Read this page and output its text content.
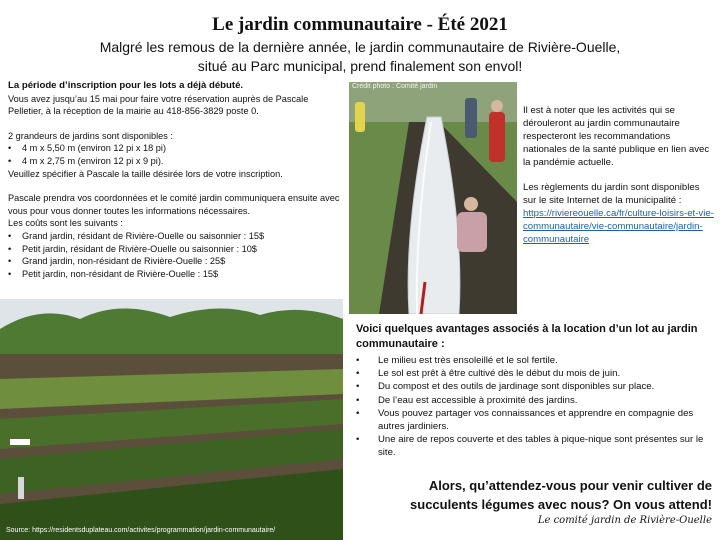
Le jardin communautaire - Été 2021
Malgré les remous de la dernière année, le jardin communautaire de Rivière-Ouelle,
situé au Parc municipal, prend finalement son envol!

La période d’inscription pour les lots a déjà débuté.

Vous avez jusqu’au 15 mai pour faire votre réservation auprès de Pascale Pelletier, à la réception de la mairie au 418-856-3829 poste 0.

2 grandeurs de jardins sont disponibles :

• 4 m x 5,50 m (environ 12 pi x 18 pi)
• 4 m x 2,75 m (environ 12 pi x 9 pi).

Veuillez spécifier à Pascale la taille désirée lors de votre inscription.

Pascale prendra vos coordonnées et le comité jardin communiquera ensuite avec vous pour vous donner toutes les informations nécessaires.

Les coûts sont les suivants :

• Grand jardin, résidant de Rivière-Ouelle ou saisonnier : 15$
• Petit jardin, résidant de Rivière-Ouelle ou saisonnier : 10$
• Grand jardin, non-résidant de Rivière-Ouelle : 25$
• Petit jardin, non-résidant de Rivière-Ouelle : 15$
Crédit photo : Comité jardin
Source: https://residentsduplateau.com/activites/programmation/jardin-communautaire/

Il est à noter que les activités qui se dérouleront au jardin communautaire respecteront les recommandations nationales de la santé publique en lien avec la pandémie actuelle.

Les règlements du jardin sont disponibles sur le site Internet de la municipalité :

https://riviereouelle.ca/fr/culture-loisirs-et-vie-communautaire/vie-communautaire/jardin-communautaire

Voici quelques avantages associés à la location d’un lot au jardin communautaire :

• Le milieu est très ensoleillé et le sol fertile.
• Le sol est prêt à être cultivé dès le début du mois de juin.
• Du compost et des outils de jardinage sont disponibles sur place.
• De l’eau est accessible à proximité des jardins.
• Vous pouvez partager vos connaissances et apprendre en compagnie des autres jardiniers.
• Une aire de repos couverte et des tables à pique-nique sont présentes sur le site.
Alors, qu’attendez-vous pour venir cultiver de
succulents légumes avec nous? On vous attend!
Le comité jardin de Rivière-Ouelle
